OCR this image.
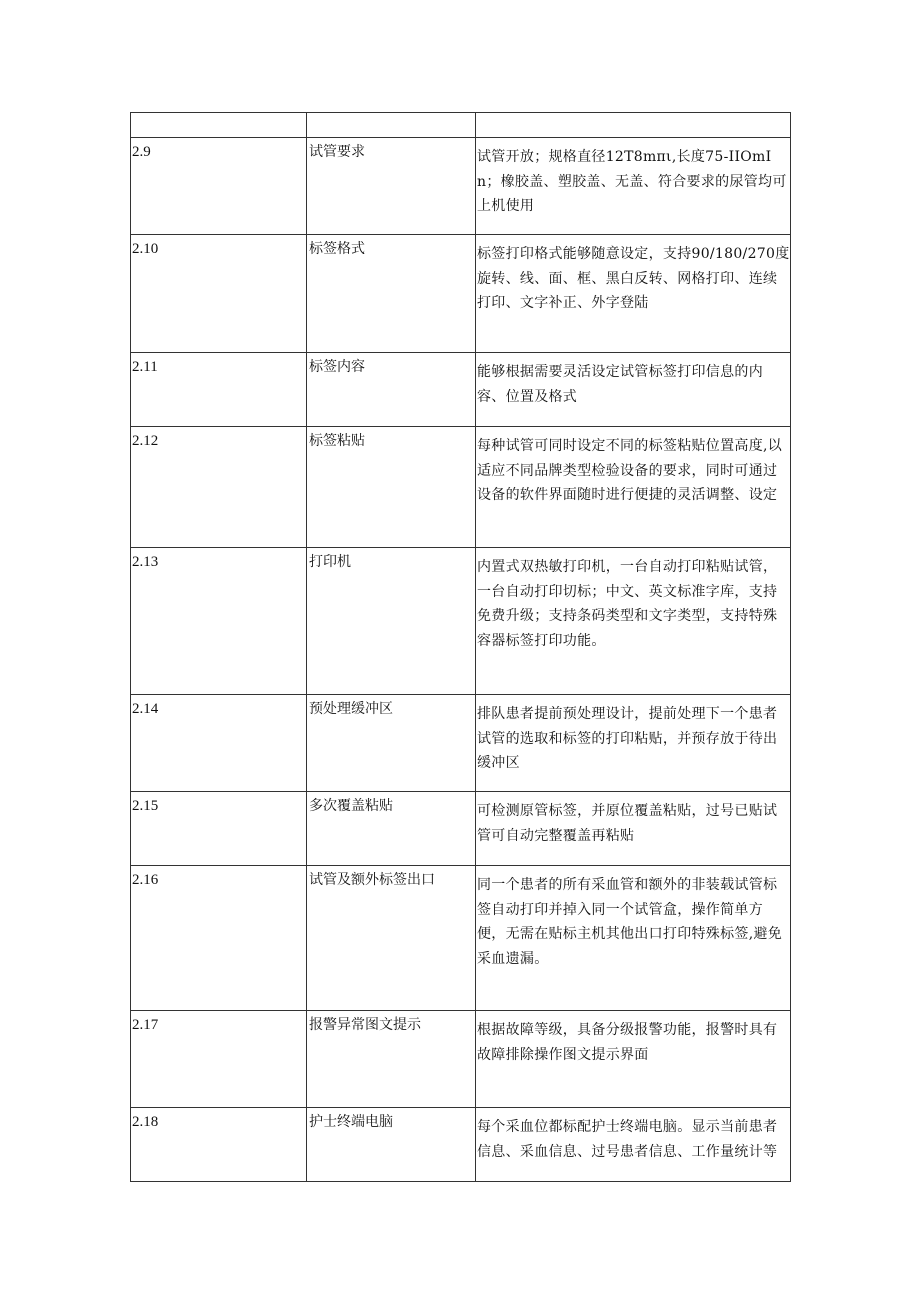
2.9	试管要求	试管开放；规格直径12T8mπι,长度75-IIOmIn；橡胶盖、塑胶盖、无盖、符合要求的尿管均可上机使用
2.10	标签格式	标签打印格式能够随意设定，支持90/180/270度旋转、线、面、框、黑白反转、网格打印、连续打印、文字补正、外字登陆
2.11	标签内容	能够根据需要灵活设定试管标签打印信息的内容、位置及格式
2.12	标签粘贴	每种试管可同时设定不同的标签粘贴位置高度,以适应不同品牌类型检验设备的要求，同时可通过设备的软件界面随时进行便捷的灵活调整、设定
2.13	打印机	内置式双热敏打印机，一台自动打印粘贴试管，一台自动打印切标；中文、英文标准字库，支持免费升级；支持条码类型和文字类型，支持特殊容器标签打印功能。
2.14	预处理缓冲区	排队患者提前预处理设计，提前处理下一个患者试管的选取和标签的打印粘贴，并预存放于待出缓冲区
2.15	多次覆盖粘贴	可检测原管标签，并原位覆盖粘贴，过号已贴试管可自动完整覆盖再粘贴
2.16	试管及额外标签出口	同一个患者的所有采血管和额外的非装载试管标签自动打印并掉入同一个试管盒，操作简单方便，无需在贴标主机其他出口打印特殊标签,避免采血遗漏。
2.17	报警异常图文提示	根据故障等级，具备分级报警功能，报警时具有故障排除操作图文提示界面
2.18	护士终端电脑	每个采血位都标配护士终端电脑。显示当前患者信息、采血信息、过号患者信息、工作量统计等
